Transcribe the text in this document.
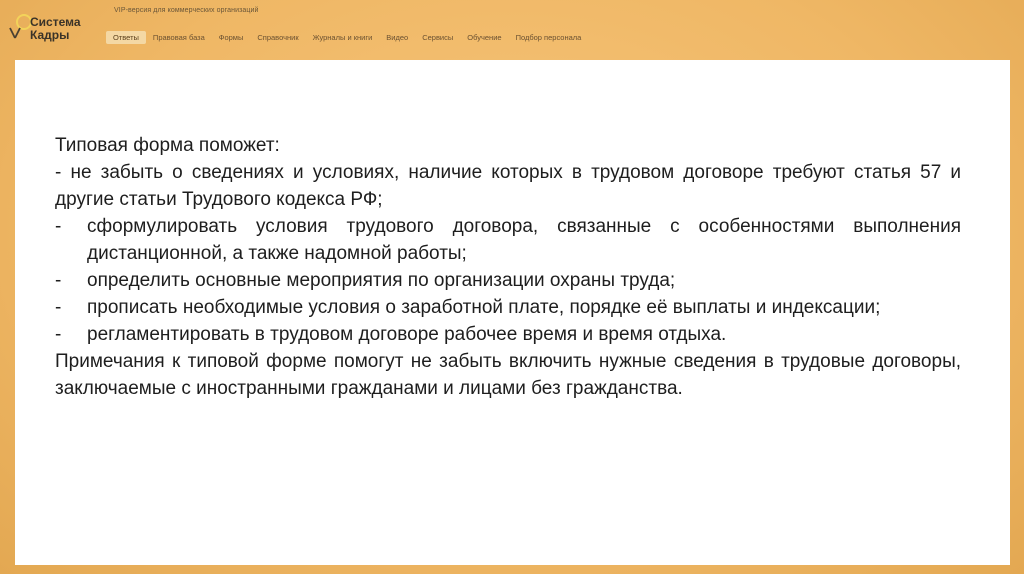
Система
Кадры
VIP-версия для коммерческих организаций
Ответы	Правовая база	Формы	Справочник	Журналы и книги	Видео	Сервисы	Обучение	Подбор персонала

Типовая форма поможет:

- не забыть о сведениях и условиях, наличие которых в трудовом договоре требуют статья 57 и другие статьи Трудового кодекса РФ;

-	сформулировать условия трудового договора, связанные с особенностями выполнения дистанционной, а также надомной работы;
-	определить основные мероприятия по организации охраны труда;
-	прописать необходимые условия о заработной плате, порядке её выплаты и индексации;
-	регламентировать в трудовом договоре рабочее время и время отдыха.

Примечания к типовой форме помогут не забыть включить нужные сведения в трудовые договоры, заключаемые с иностранными гражданами и лицами без гражданства.
